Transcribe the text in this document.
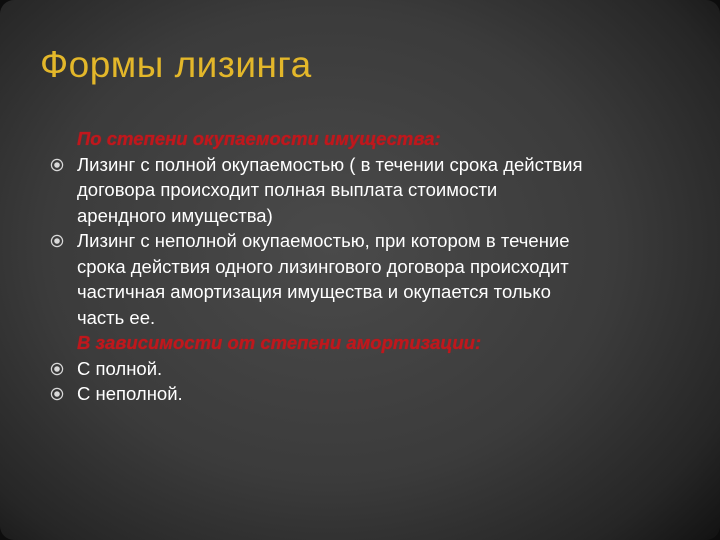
Формы лизинга
По степени окупаемости имущества:
Лизинг с полной окупаемостью ( в течении срока действия договора происходит полная выплата стоимости арендного имущества)
Лизинг с неполной окупаемостью, при котором в течение срока действия одного лизингового договора происходит частичная амортизация имущества и окупается только часть ее.
В зависимости от степени амортизации:
С полной.
С неполной.
